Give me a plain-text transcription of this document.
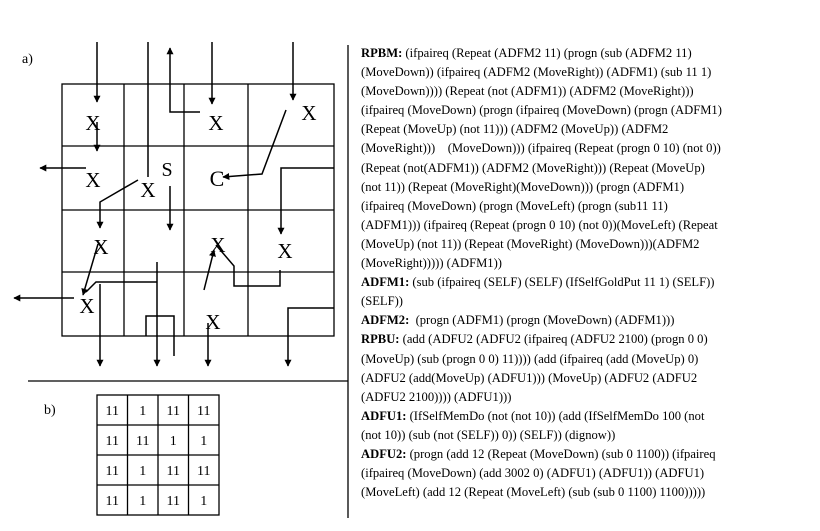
a)
b)
X	X	X
X X
X	X X
X
X
S C
11 1 11 11
11 11 1 1
11 1 11 11
11 1 11 1
RPBM: (ifpaireq (Repeat (ADFM2 11) (progn (sub (ADFM2 11)
(MoveDown)) (ifpaireq (ADFM2 (MoveRight)) (ADFM1) (sub 11 1)
(MoveDown)))) (Repeat (not (ADFM1)) (ADFM2 (MoveRight)))
(ifpaireq (MoveDown) (progn (ifpaireq (MoveDown) (progn (ADFM1)
(Repeat (MoveUp) (not 11))) (ADFM2 (MoveUp)) (ADFM2
(MoveRight)))    (MoveDown))) (ifpaireq (Repeat (progn 0 10) (not 0))
(Repeat (not(ADFM1)) (ADFM2 (MoveRight))) (Repeat (MoveUp)
(not 11)) (Repeat (MoveRight)(MoveDown))) (progn (ADFM1)
(ifpaireq (MoveDown) (progn (MoveLeft) (progn (sub11 11)
(ADFM1))) (ifpaireq (Repeat (progn 0 10) (not 0))(MoveLeft) (Repeat
(MoveUp) (not 11)) (Repeat (MoveRight) (MoveDown)))(ADFM2
(MoveRight))))) (ADFM1))
ADFM1: (sub (ifpaireq (SELF) (SELF) (IfSelfGoldPut 11 1) (SELF))
(SELF))
ADFM2:  (progn (ADFM1) (progn (MoveDown) (ADFM1)))
RPBU: (add (ADFU2 (ADFU2 (ifpaireq (ADFU2 2100) (progn 0 0)
(MoveUp) (sub (progn 0 0) 11)))) (add (ifpaireq (add (MoveUp) 0)
(ADFU2 (add(MoveUp) (ADFU1))) (MoveUp) (ADFU2 (ADFU2
(ADFU2 2100)))) (ADFU1)))
ADFU1: (IfSelfMemDo (not (not 10)) (add (IfSelfMemDo 100 (not
(not 10)) (sub (not (SELF)) 0)) (SELF)) (dignow))
ADFU2: (progn (add 12 (Repeat (MoveDown) (sub 0 1100)) (ifpaireq
(ifpaireq (MoveDown) (add 3002 0) (ADFU1) (ADFU1)) (ADFU1)
(MoveLeft) (add 12 (Repeat (MoveLeft) (sub (sub 0 1100) 1100)))))
